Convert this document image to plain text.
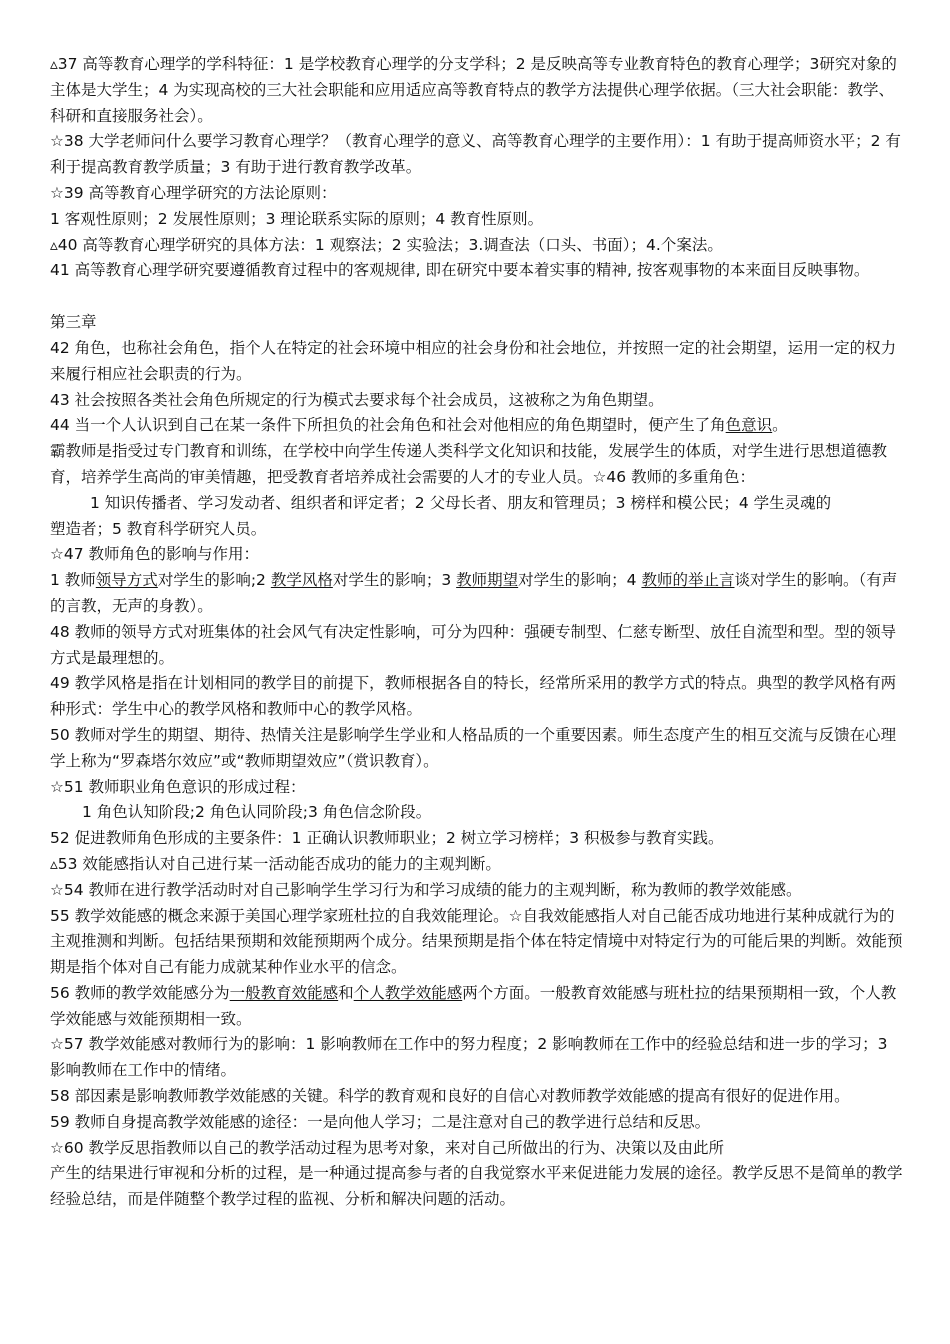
▵37 高等教育心理学的学科特征：1 是学校教育心理学的分支学科；2 是反映高等专业教育特色的教育心理学；3研究对象的主体是大学生；4 为实现高校的三大社会职能和应用适应高等教育特点的教学方法提供心理学依据。（三大社会职能：教学、科研和直接服务社会）。

☆38 大学老师问什么要学习教育心理学？（教育心理学的意义、高等教育心理学的主要作用）：1 有助于提高师资水平；2 有利于提高教育教学质量；3 有助于进行教育教学改革。

☆39 高等教育心理学研究的方法论原则：

1 客观性原则；2 发展性原则；3 理论联系实际的原则；4 教育性原则。

▵40 高等教育心理学研究的具体方法：1 观察法；2 实验法；3.调查法（口头、书面）；4.个案法。

41 高等教育心理学研究要遵循教育过程中的客观规律, 即在研究中要本着实事的精神, 按客观事物的本来面目反映事物。

第三章

42 角色，也称社会角色，指个人在特定的社会环境中相应的社会身份和社会地位，并按照一定的社会期望，运用一定的权力来履行相应社会职责的行为。

43 社会按照各类社会角色所规定的行为模式去要求每个社会成员，这被称之为角色期望。

44 当一个人认识到自己在某一条件下所担负的社会角色和社会对他相应的角色期望时，便产生了角色意识。

霸教师是指受过专门教育和训练，在学校中向学生传递人类科学文化知识和技能，发展学生的体质，对学生进行思想道德教育，培养学生高尚的审美情趣，把受教育者培养成社会需要的人才的专业人员。☆46 教师的多重角色：

1 知识传播者、学习发动者、组织者和评定者；2 父母长者、朋友和管理员；3 榜样和模公民；4 学生灵魂的

塑造者；5 教育科学研究人员。

☆47 教师角色的影响与作用：

1 教师领导方式对学生的影响;2 教学风格对学生的影响；3 教师期望对学生的影响；4 教师的举止言谈对学生的影响。（有声的言教，无声的身教）。

48 教师的领导方式对班集体的社会风气有决定性影响，可分为四种：强硬专制型、仁慈专断型、放任自流型和型。型的领导方式是最理想的。

49 教学风格是指在计划相同的教学目的前提下，教师根据各自的特长，经常所采用的教学方式的特点。典型的教学风格有两种形式：学生中心的教学风格和教师中心的教学风格。

50 教师对学生的期望、期待、热情关注是影响学生学业和人格品质的一个重要因素。师生态度产生的相互交流与反馈在心理学上称为“罗森塔尔效应”或“教师期望效应”（赏识教育）。

☆51 教师职业角色意识的形成过程：

1 角色认知阶段;2 角色认同阶段;3 角色信念阶段。

52 促进教师角色形成的主要条件：1 正确认识教师职业；2 树立学习榜样；3 积极参与教育实践。

▵53 效能感指认对自己进行某一活动能否成功的能力的主观判断。

☆54 教师在进行教学活动时对自己影响学生学习行为和学习成绩的能力的主观判断，称为教师的教学效能感。

55 教学效能感的概念来源于美国心理学家班杜拉的自我效能理论。☆自我效能感指人对自己能否成功地进行某种成就行为的主观推测和判断。包括结果预期和效能预期两个成分。结果预期是指个体在特定情境中对特定行为的可能后果的判断。效能预期是指个体对自己有能力成就某种作业水平的信念。

56 教师的教学效能感分为一般教育效能感和个人教学效能感两个方面。一般教育效能感与班杜拉的结果预期相一致，个人教学效能感与效能预期相一致。

☆57 教学效能感对教师行为的影响：1 影响教师在工作中的努力程度；2 影响教师在工作中的经验总结和进一步的学习；3 影响教师在工作中的情绪。

58 部因素是影响教师教学效能感的关键。科学的教育观和良好的自信心对教师教学效能感的提高有很好的促进作用。

59 教师自身提高教学效能感的途径：一是向他人学习；二是注意对自己的教学进行总结和反思。

☆60 教学反思指教师以自己的教学活动过程为思考对象，来对自己所做出的行为、决策以及由此所

产生的结果进行审视和分析的过程，是一种通过提高参与者的自我觉察水平来促进能力发展的途径。教学反思不是简单的教学经验总结，而是伴随整个教学过程的监视、分析和解决问题的活动。
